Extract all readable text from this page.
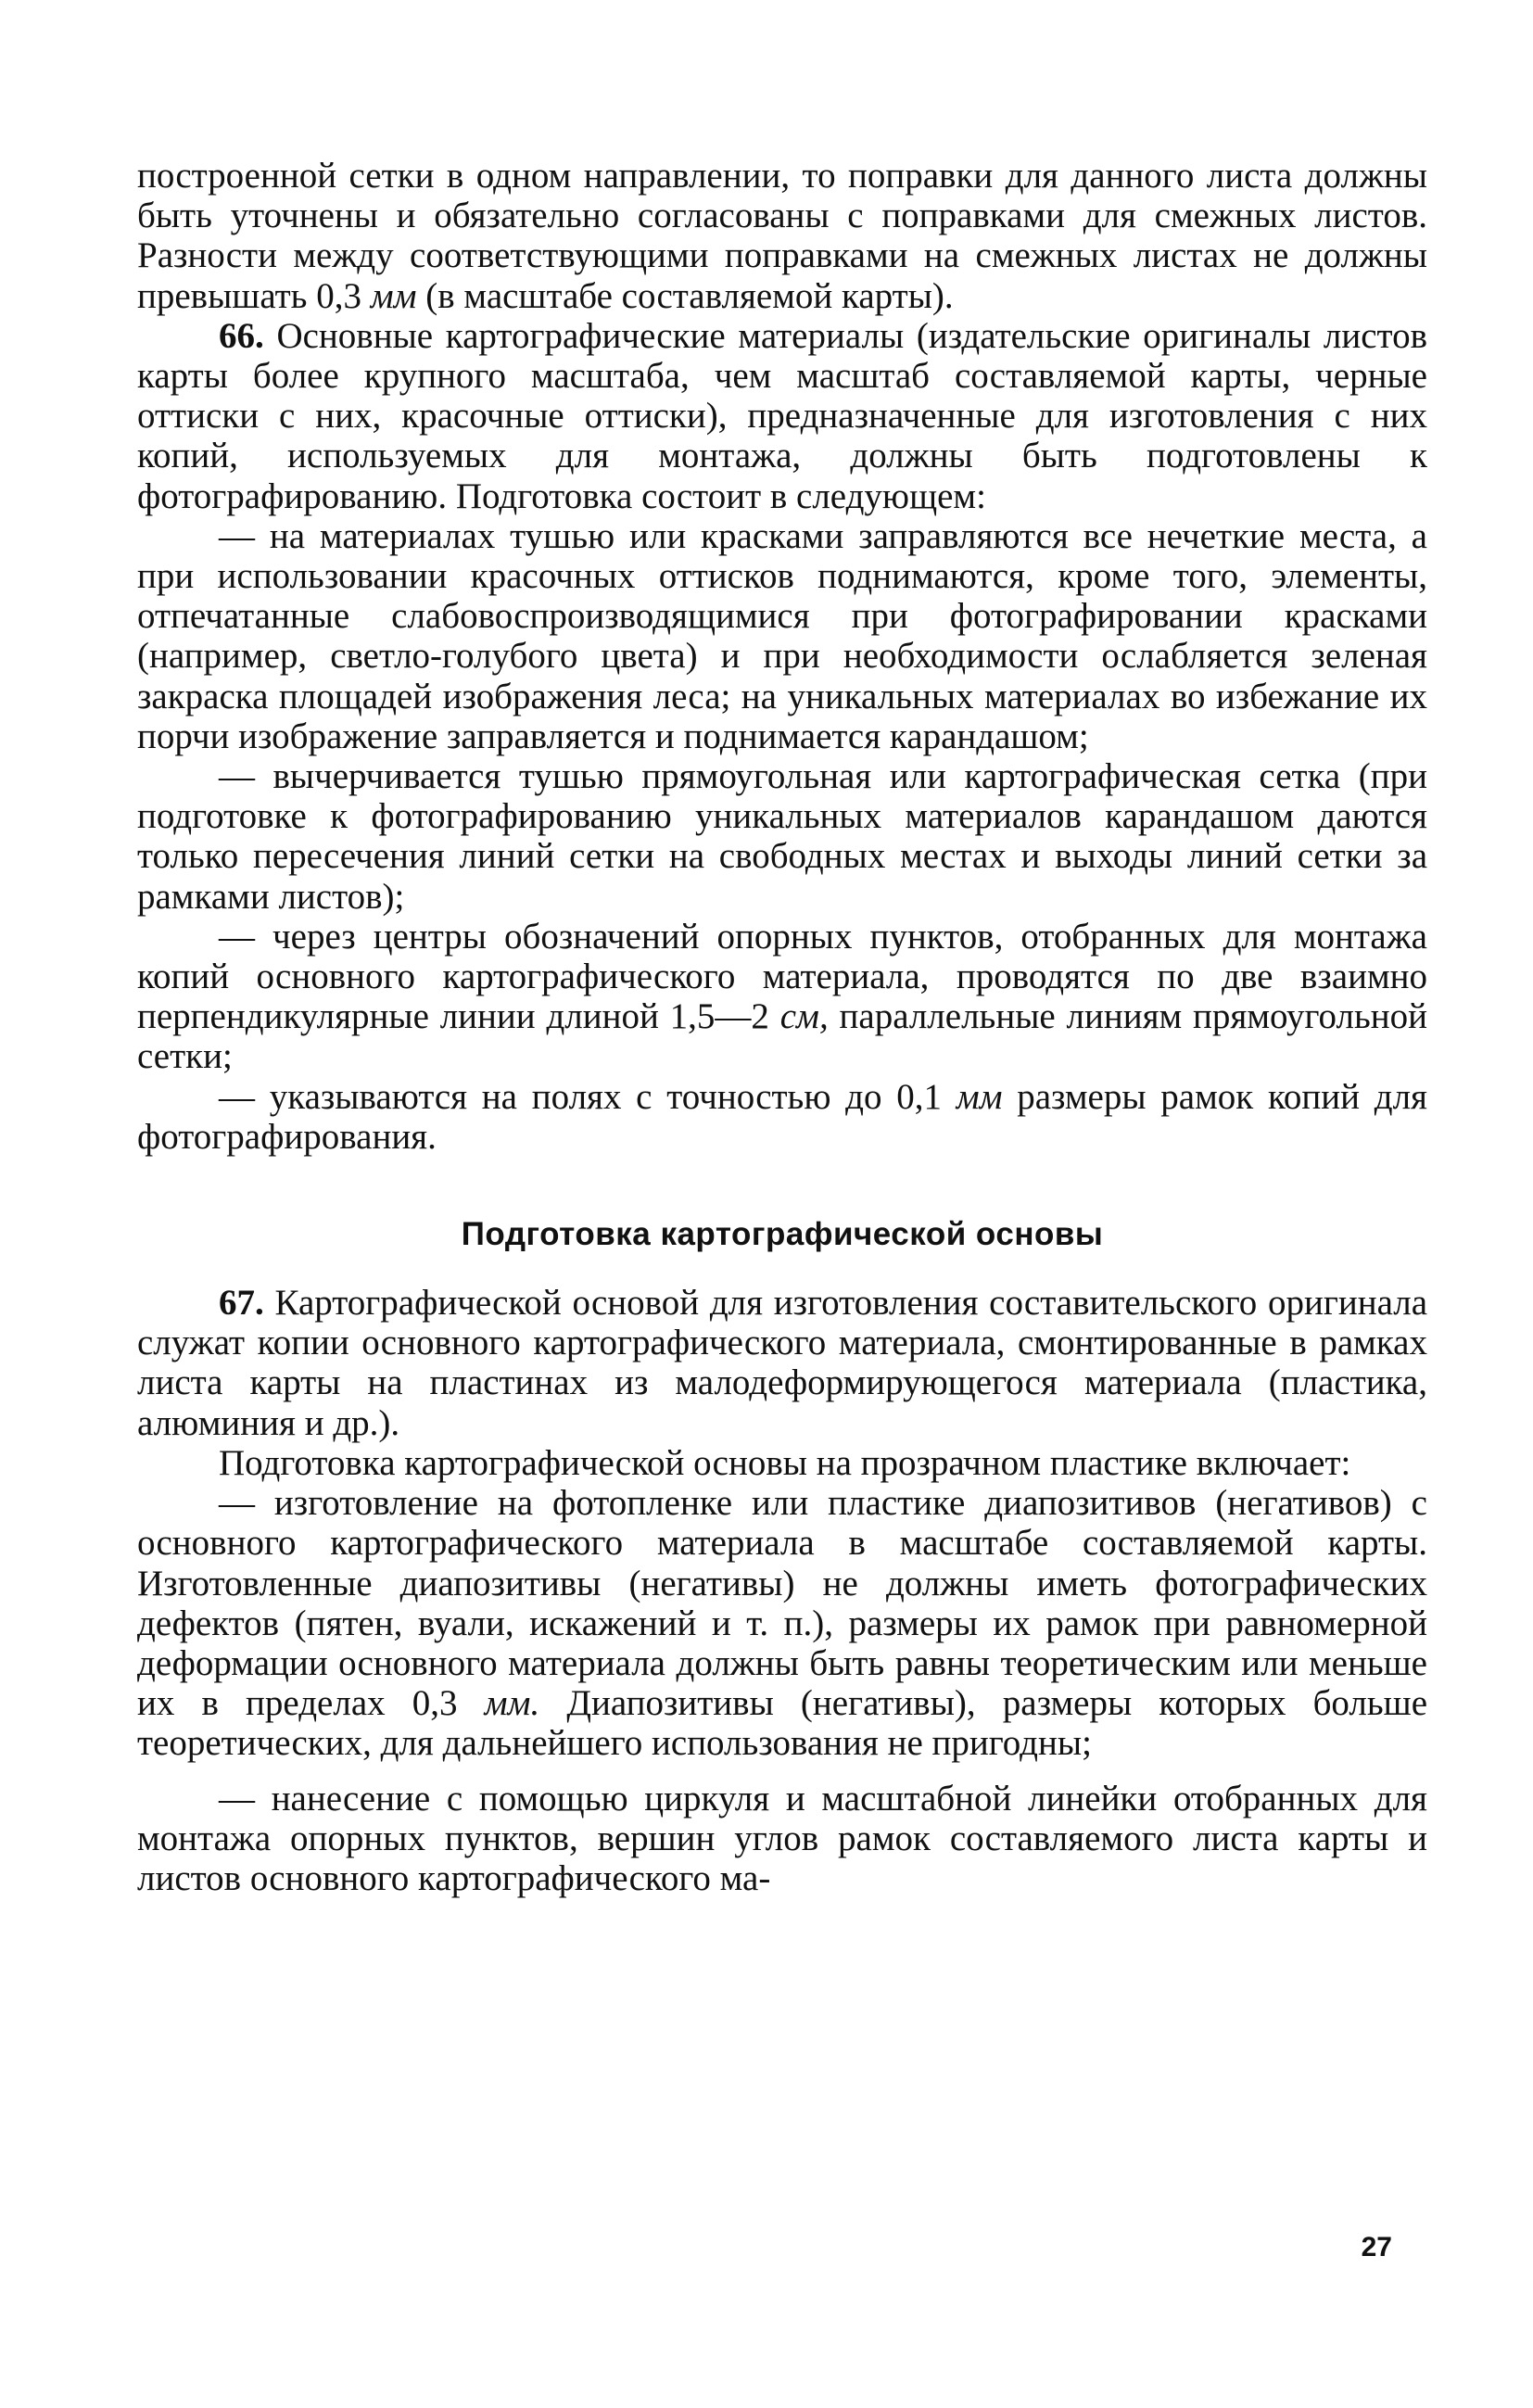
построенной сетки в одном направлении, то поправки для данного листа должны быть уточнены и обязательно согласованы с поправками для смежных листов. Разности между соответствующими поправками на смежных листах не должны превышать 0,3 мм (в масштабе составляемой карты).

66. Основные картографические материалы (издательские оригиналы листов карты более крупного масштаба, чем масштаб составляемой карты, черные оттиски с них, красочные оттиски), предназначенные для изготовления с них копий, используемых для монтажа, должны быть подготовлены к фотографированию. Подготовка состоит в следующем:

— на материалах тушью или красками заправляются все нечеткие места, а при использовании красочных оттисков поднимаются, кроме того, элементы, отпечатанные слабовоспроизводящимися при фотографировании красками (например, светло-голубого цвета) и при необходимости ослабляется зеленая закраска площадей изображения леса; на уникальных материалах во избежание их порчи изображение заправляется и поднимается карандашом;

— вычерчивается тушью прямоугольная или картографическая сетка (при подготовке к фотографированию уникальных материалов карандашом даются только пересечения линий сетки на свободных местах и выходы линий сетки за рамками листов);

— через центры обозначений опорных пунктов, отобранных для монтажа копий основного картографического материала, проводятся по две взаимно перпендикулярные линии длиной 1,5—2 см, параллельные линиям прямоугольной сетки;

— указываются на полях с точностью до 0,1 мм размеры рамок копий для фотографирования.

Подготовка картографической основы

67. Картографической основой для изготовления составительского оригинала служат копии основного картографического материала, смонтированные в рамках листа карты на пластинах из малодеформирующегося материала (пластика, алюминия и др.).

Подготовка картографической основы на прозрачном пластике включает:

— изготовление на фотопленке или пластике диапозитивов (негативов) с основного картографического материала в масштабе составляемой карты. Изготовленные диапозитивы (негативы) не должны иметь фотографических дефектов (пятен, вуали, искажений и т. п.), размеры их рамок при равномерной деформации основного материала должны быть равны теоретическим или меньше их в пределах 0,3 мм. Диапозитивы (негативы), размеры которых больше теоретических, для дальнейшего использования не пригодны;

— нанесение с помощью циркуля и масштабной линейки отобранных для монтажа опорных пунктов, вершин углов рамок составляемого листа карты и листов основного картографического ма-

27
